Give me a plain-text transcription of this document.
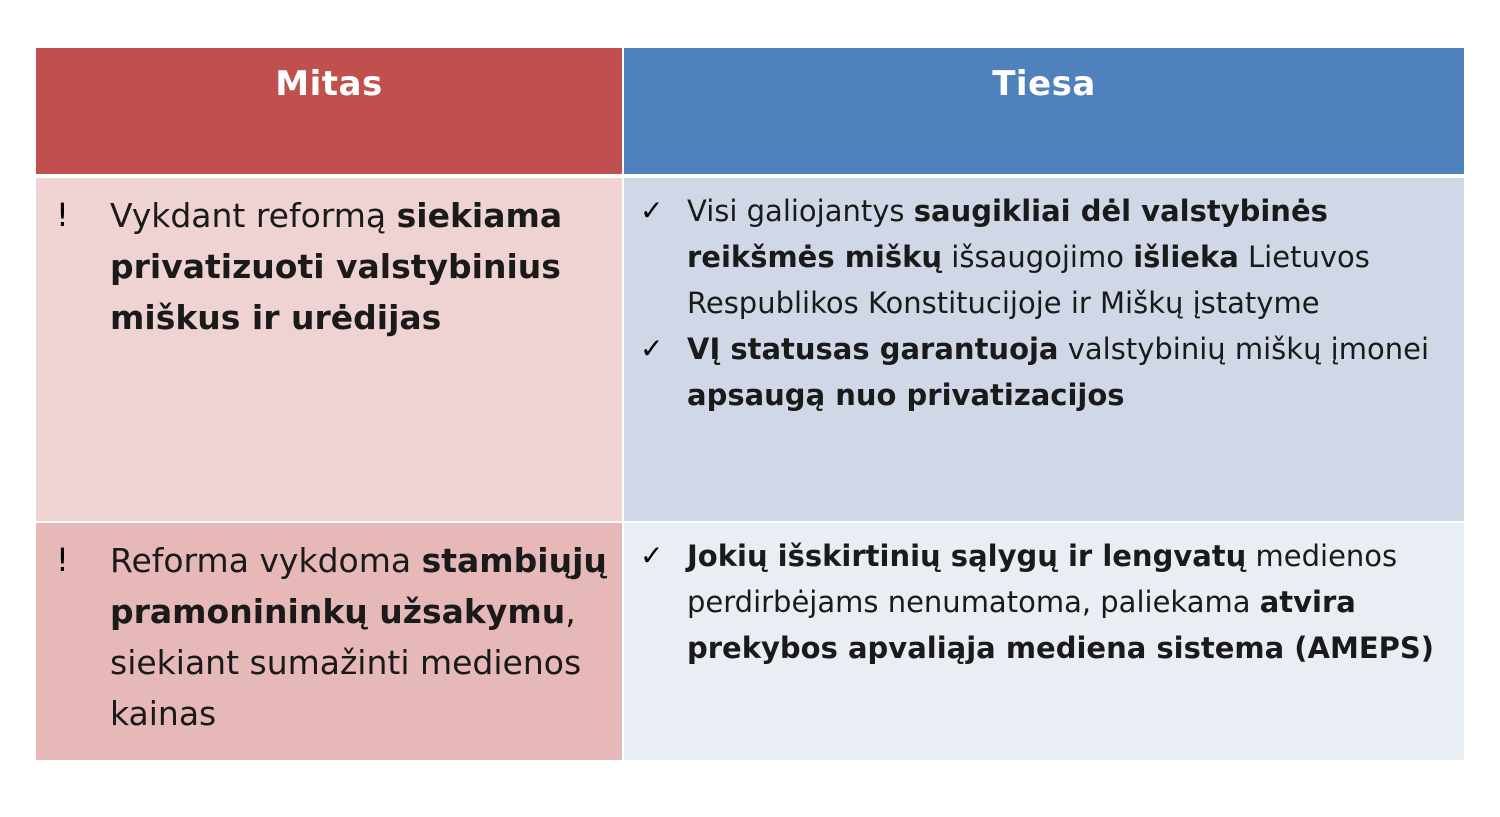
Mitas	Tiesa
! Vykdant reformą siekiama privatizuoti valstybinius miškus ir urėdijas
✓ Visi galiojantys saugikliai dėl valstybinės reikšmės miškų išsaugojimo išlieka Lietuvos Respublikos Konstitucijoje ir Miškų įstatyme
✓ VĮ statusas garantuoja valstybinių miškų įmonei apsaugą nuo privatizacijos
! Reforma vykdoma stambiųjų pramonininkų užsakymu, siekiant sumažinti medienos kainas
✓ Jokių išskirtinių sąlygų ir lengvatų medienos perdirbėjams nenumatoma, paliekama atvira prekybos apvaliąja mediena sistema (AMEPS)
